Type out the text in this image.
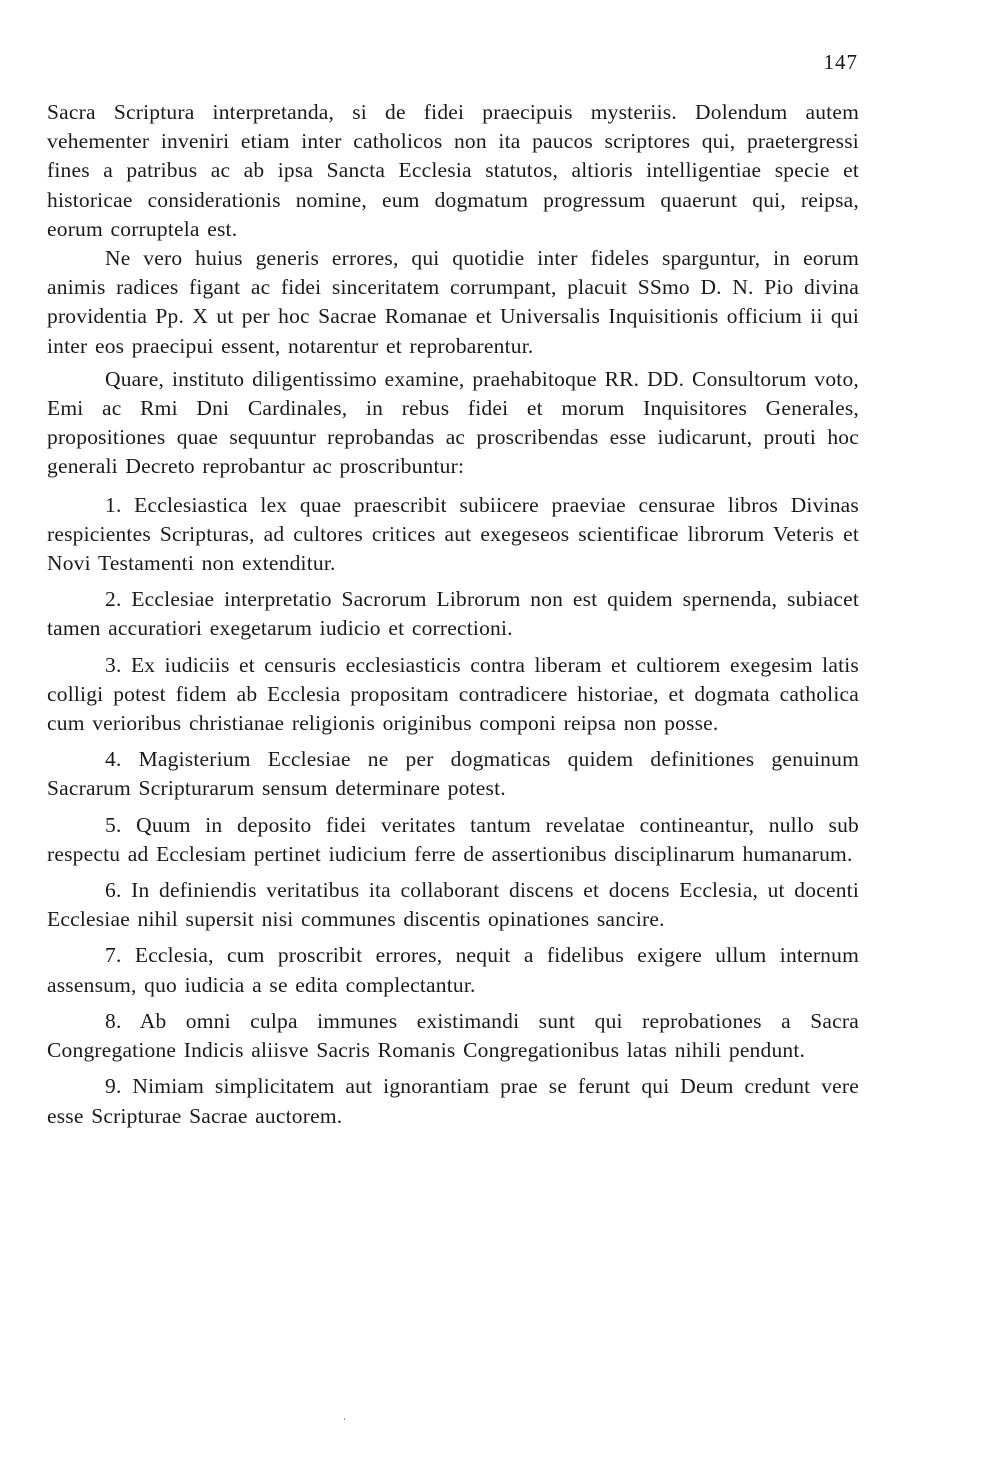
147

Sacra Scriptura interpretanda, si de fidei praecipuis mysteriis. Dolendum autem vehementer inveniri etiam inter catholicos non ita paucos scriptores qui, praetergressi fines a patribus ac ab ipsa Sancta Ecclesia statutos, altioris intelligentiae specie et historicae considerationis nomine, eum dogmatum progressum quaerunt qui, reipsa, eorum corruptela est.

Ne vero huius generis errores, qui quotidie inter fideles sparguntur, in eorum animis radices figant ac fidei sinceritatem corrumpant, placuit SSmo D. N. Pio divina providentia Pp. X ut per hoc Sacrae Romanae et Universalis Inquisitionis officium ii qui inter eos praecipui essent, notarentur et reprobarentur.

Quare, instituto diligentissimo examine, praehabitoque RR. DD. Consultorum voto, Emi ac Rmi Dni Cardinales, in rebus fidei et morum Inquisitores Generales, propositiones quae sequuntur reprobandas ac proscribendas esse iudicarunt, prouti hoc generali Decreto reprobantur ac proscribuntur:

1. Ecclesiastica lex quae praescribit subiicere praeviae censurae libros Divinas respicientes Scripturas, ad cultores critices aut exegeseos scientificae librorum Veteris et Novi Testamenti non extenditur.

2. Ecclesiae interpretatio Sacrorum Librorum non est quidem spernenda, subiacet tamen accuratiori exegetarum iudicio et correctioni.

3. Ex iudiciis et censuris ecclesiasticis contra liberam et cultiorem exegesim latis colligi potest fidem ab Ecclesia propositam contradicere historiae, et dogmata catholica cum verioribus christianae religionis originibus componi reipsa non posse.

4. Magisterium Ecclesiae ne per dogmaticas quidem definitiones genuinum Sacrarum Scripturarum sensum determinare potest.

5. Quum in deposito fidei veritates tantum revelatae contineantur, nullo sub respectu ad Ecclesiam pertinet iudicium ferre de assertionibus disciplinarum humanarum.

6. In definiendis veritatibus ita collaborant discens et docens Ecclesia, ut docenti Ecclesiae nihil supersit nisi communes discentis opinationes sancire.

7. Ecclesia, cum proscribit errores, nequit a fidelibus exigere ullum internum assensum, quo iudicia a se edita complectantur.

8. Ab omni culpa immunes existimandi sunt qui reprobationes a Sacra Congregatione Indicis aliisve Sacris Romanis Congregationibus latas nihili pendunt.

9. Nimiam simplicitatem aut ignorantiam prae se ferunt qui Deum credunt vere esse Scripturae Sacrae auctorem.
